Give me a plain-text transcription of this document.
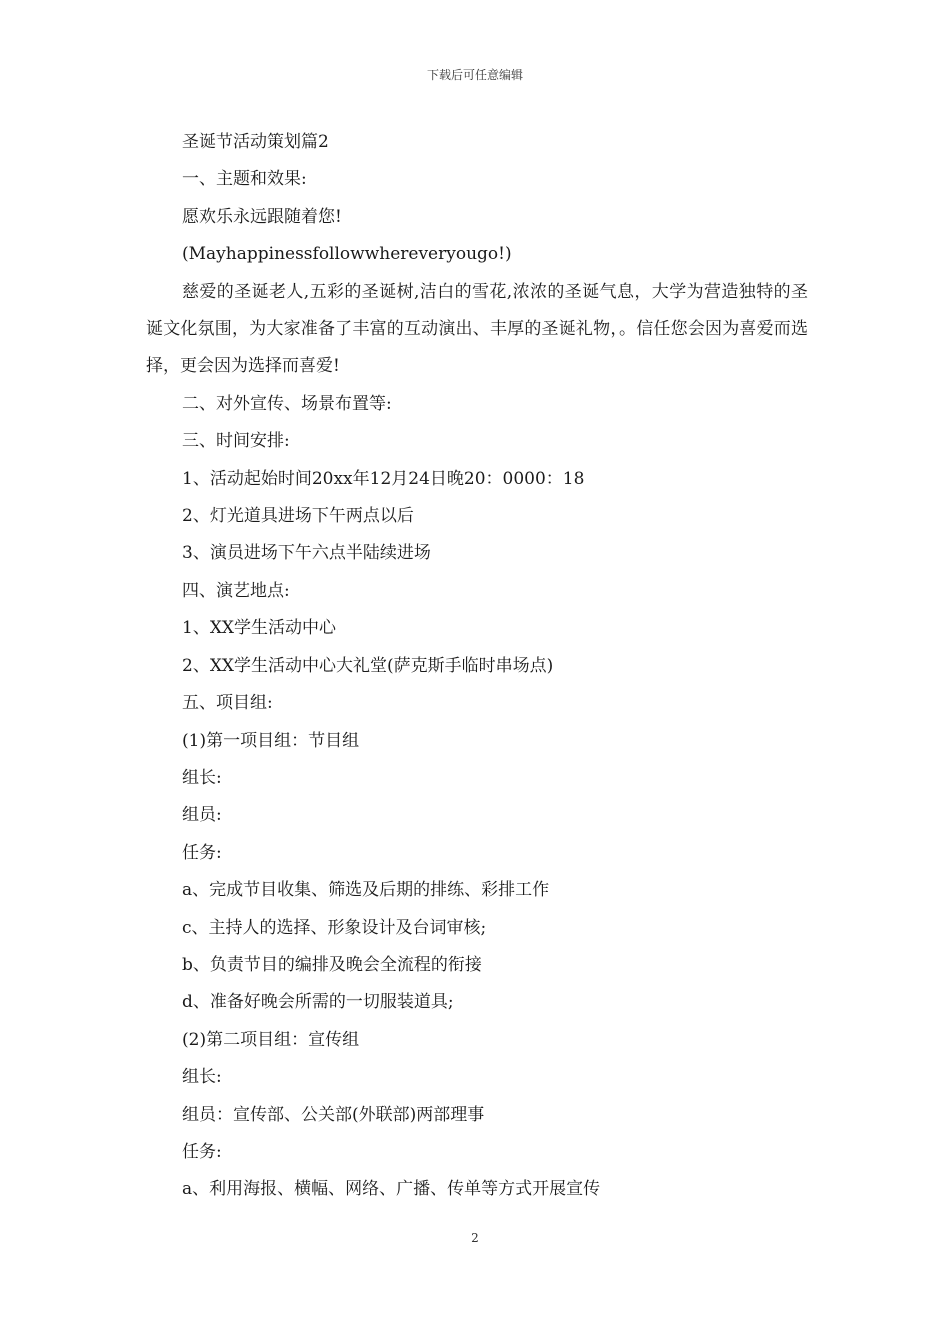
下载后可任意编辑
圣诞节活动策划篇2
一、主题和效果:
愿欢乐永远跟随着您!
(Mayhappinessfollowwhereveryougo!)

慈爱的圣诞老人,五彩的圣诞树,洁白的雪花,浓浓的圣诞气息，大学为营造独特的圣诞文化氛围，为大家准备了丰富的互动演出、丰厚的圣诞礼物，。信任您会因为喜爱而选择，更会因为选择而喜爱!

二、对外宣传、场景布置等:
三、时间安排:
1、活动起始时间20xx年12月24日晚20：0000：18
2、灯光道具进场下午两点以后
3、演员进场下午六点半陆续进场
四、演艺地点:
1、XX学生活动中心
2、XX学生活动中心大礼堂(萨克斯手临时串场点)
五、项目组:
(1)第一项目组：节目组
组长:
组员:
任务:
a、完成节目收集、筛选及后期的排练、彩排工作
c、主持人的选择、形象设计及台词审核;
b、负责节目的编排及晚会全流程的衔接
d、准备好晚会所需的一切服装道具;
(2)第二项目组：宣传组
组长:
组员：宣传部、公关部(外联部)两部理事
任务:
a、利用海报、横幅、网络、广播、传单等方式开展宣传
2
